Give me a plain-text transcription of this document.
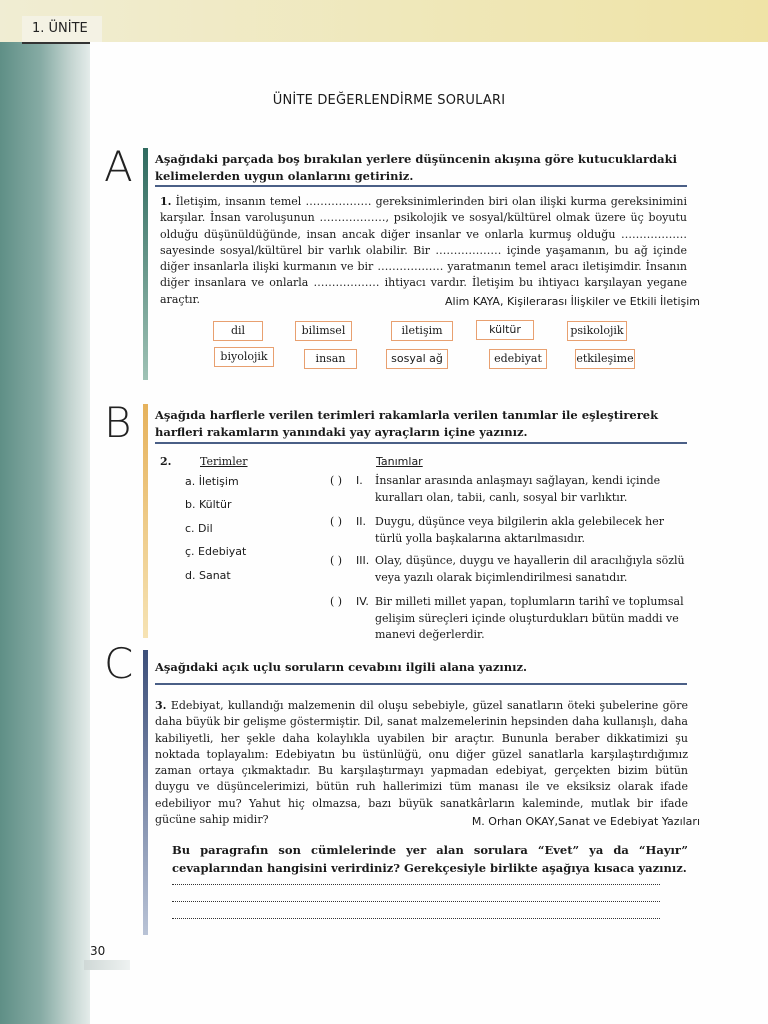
1. ÜNİTE
ÜNİTE DEĞERLENDİRME SORULARI
A Aşağıdaki parçada boş bırakılan yerlere düşüncenin akışına göre kutucuklardaki kelimelerden uygun olanlarını getiriniz.
1. İletişim, insanın temel ……………… gereksinimlerinden biri olan ilişki kurma gereksinimini karşılar. İnsan varoluşunun ………………, psikolojik ve sosyal/kültürel olmak üzere üç boyutu olduğu düşünüldüğünde, insan ancak diğer insanlar ve onlarla kurmuş olduğu ……………… sayesinde sosyal/kültürel bir varlık olabilir. Bir ……………… içinde yaşamanın, bu ağ içinde diğer insanlarla ilişki kurmanın ve bir ……………… yaratmanın temel aracı iletişimdir. İnsanın diğer insanlara ve onlarla ……………… ihtiyacı vardır. İletişim bu ihtiyacı karşılayan yegane araçtır.	Alim KAYA, Kişilerarası İlişkiler ve Etkili İletişim
dil	bilimsel	iletişim	kültür	psikolojik
biyolojik	insan	sosyal ağ	edebiyat	etkileşime
B Aşağıda harflerle verilen terimleri rakamlarla verilen tanımlar ile eşleştirerek harfleri rakamların yanındaki yay ayraçların içine yazınız.
2.	Terimler	Tanımlar
a. İletişim
b. Kültür
c. Dil
ç. Edebiyat
d. Sanat
( ) I. İnsanlar arasında anlaşmayı sağlayan, kendi içinde kuralları olan, tabii, canlı, sosyal bir varlıktır.
( ) II. Duygu, düşünce veya bilgilerin akla gelebilecek her türlü yolla başkalarına aktarılmasıdır.
( ) III. Olay, düşünce, duygu ve hayallerin dil aracılığıyla sözlü veya yazılı olarak biçimlendirilmesi sanatıdır.
( ) IV. Bir milleti millet yapan, toplumların tarihî ve toplumsal gelişim süreçleri içinde oluşturdukları bütün maddi ve manevi değerlerdir.
C Aşağıdaki açık uçlu soruların cevabını ilgili alana yazınız.
3. Edebiyat, kullandığı malzemenin dil oluşu sebebiyle, güzel sanatların öteki şubelerine göre daha büyük bir gelişme göstermiştir. Dil, sanat malzemelerinin hepsinden daha kullanışlı, daha kabiliyetli, her şekle daha kolaylıkla uyabilen bir araçtır. Bununla beraber dikkatimizi şu noktada toplayalım: Edebiyatın bu üstünlüğü, onu diğer güzel sanatlarla karşılaştırdığımız zaman ortaya çıkmaktadır. Bu karşılaştırmayı yapmadan edebiyat, gerçekten bizim bütün duygu ve düşüncelerimizi, bütün ruh hallerimizi tüm manası ile ve eksiksiz olarak ifade edebiliyor mu? Yahut hiç olmazsa, bazı büyük sanatkârların kaleminde, mutlak bir ifade gücüne sahip midir?	M. Orhan OKAY,Sanat ve Edebiyat Yazıları
Bu paragrafın son cümlelerinde yer alan sorulara “Evet” ya da “Hayır” cevaplarından hangisini verirdiniz? Gerekçesiyle birlikte aşağıya kısaca yazınız.
30
